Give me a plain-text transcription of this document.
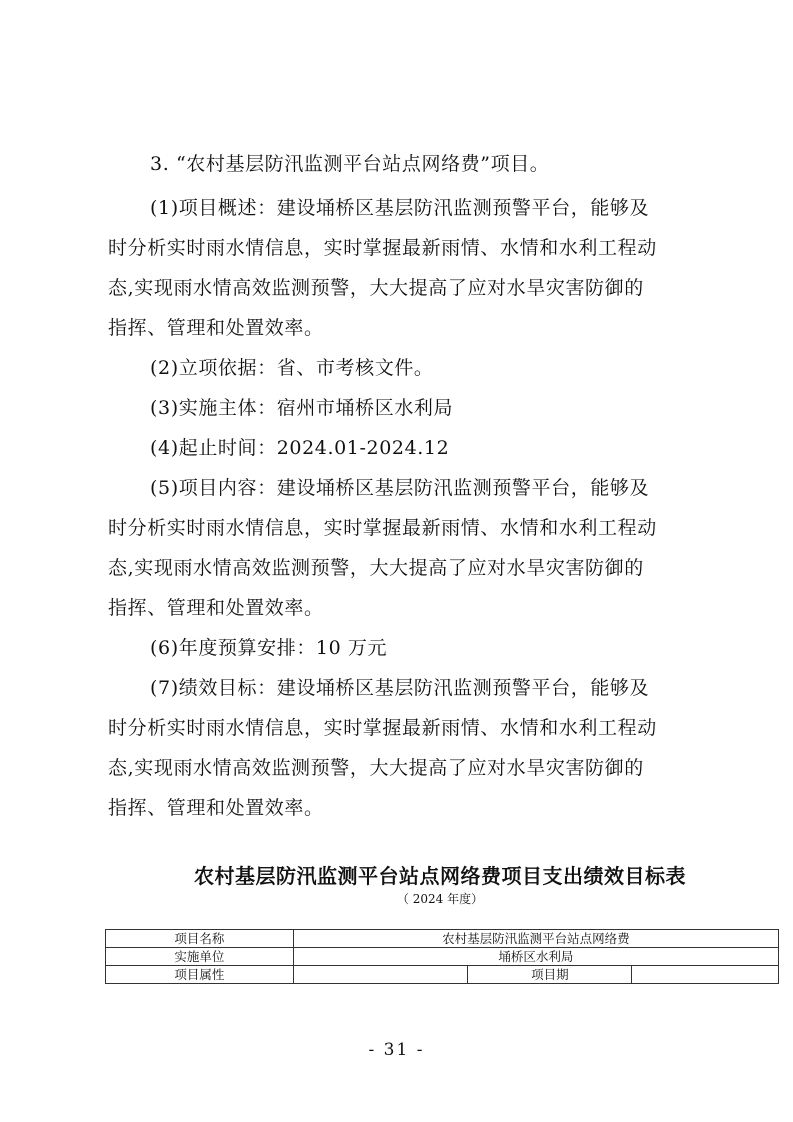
3. “农村基层防汛监测平台站点网络费”项目。
(1)项目概述：建设埇桥区基层防汛监测预警平台，能够及
时分析实时雨水情信息，实时掌握最新雨情、水情和水利工程动
态,实现雨水情高效监测预警，大大提高了应对水旱灾害防御的
指挥、管理和处置效率。
(2)立项依据：省、市考核文件。
(3)实施主体：宿州市埇桥区水利局
(4)起止时间：2024.01-2024.12
(5)项目内容：建设埇桥区基层防汛监测预警平台，能够及
时分析实时雨水情信息，实时掌握最新雨情、水情和水利工程动
态,实现雨水情高效监测预警，大大提高了应对水旱灾害防御的
指挥、管理和处置效率。
(6)年度预算安排：10 万元
(7)绩效目标：建设埇桥区基层防汛监测预警平台，能够及
时分析实时雨水情信息，实时掌握最新雨情、水情和水利工程动
态,实现雨水情高效监测预警，大大提高了应对水旱灾害防御的
指挥、管理和处置效率。
农村基层防汛监测平台站点网络费项目支出绩效目标表
（ 2024 年度）
项目名称	农村基层防汛监测平台站点网络费		
实施单位	埇桥区水利局		
项目属性		项目期	
- 31 -
